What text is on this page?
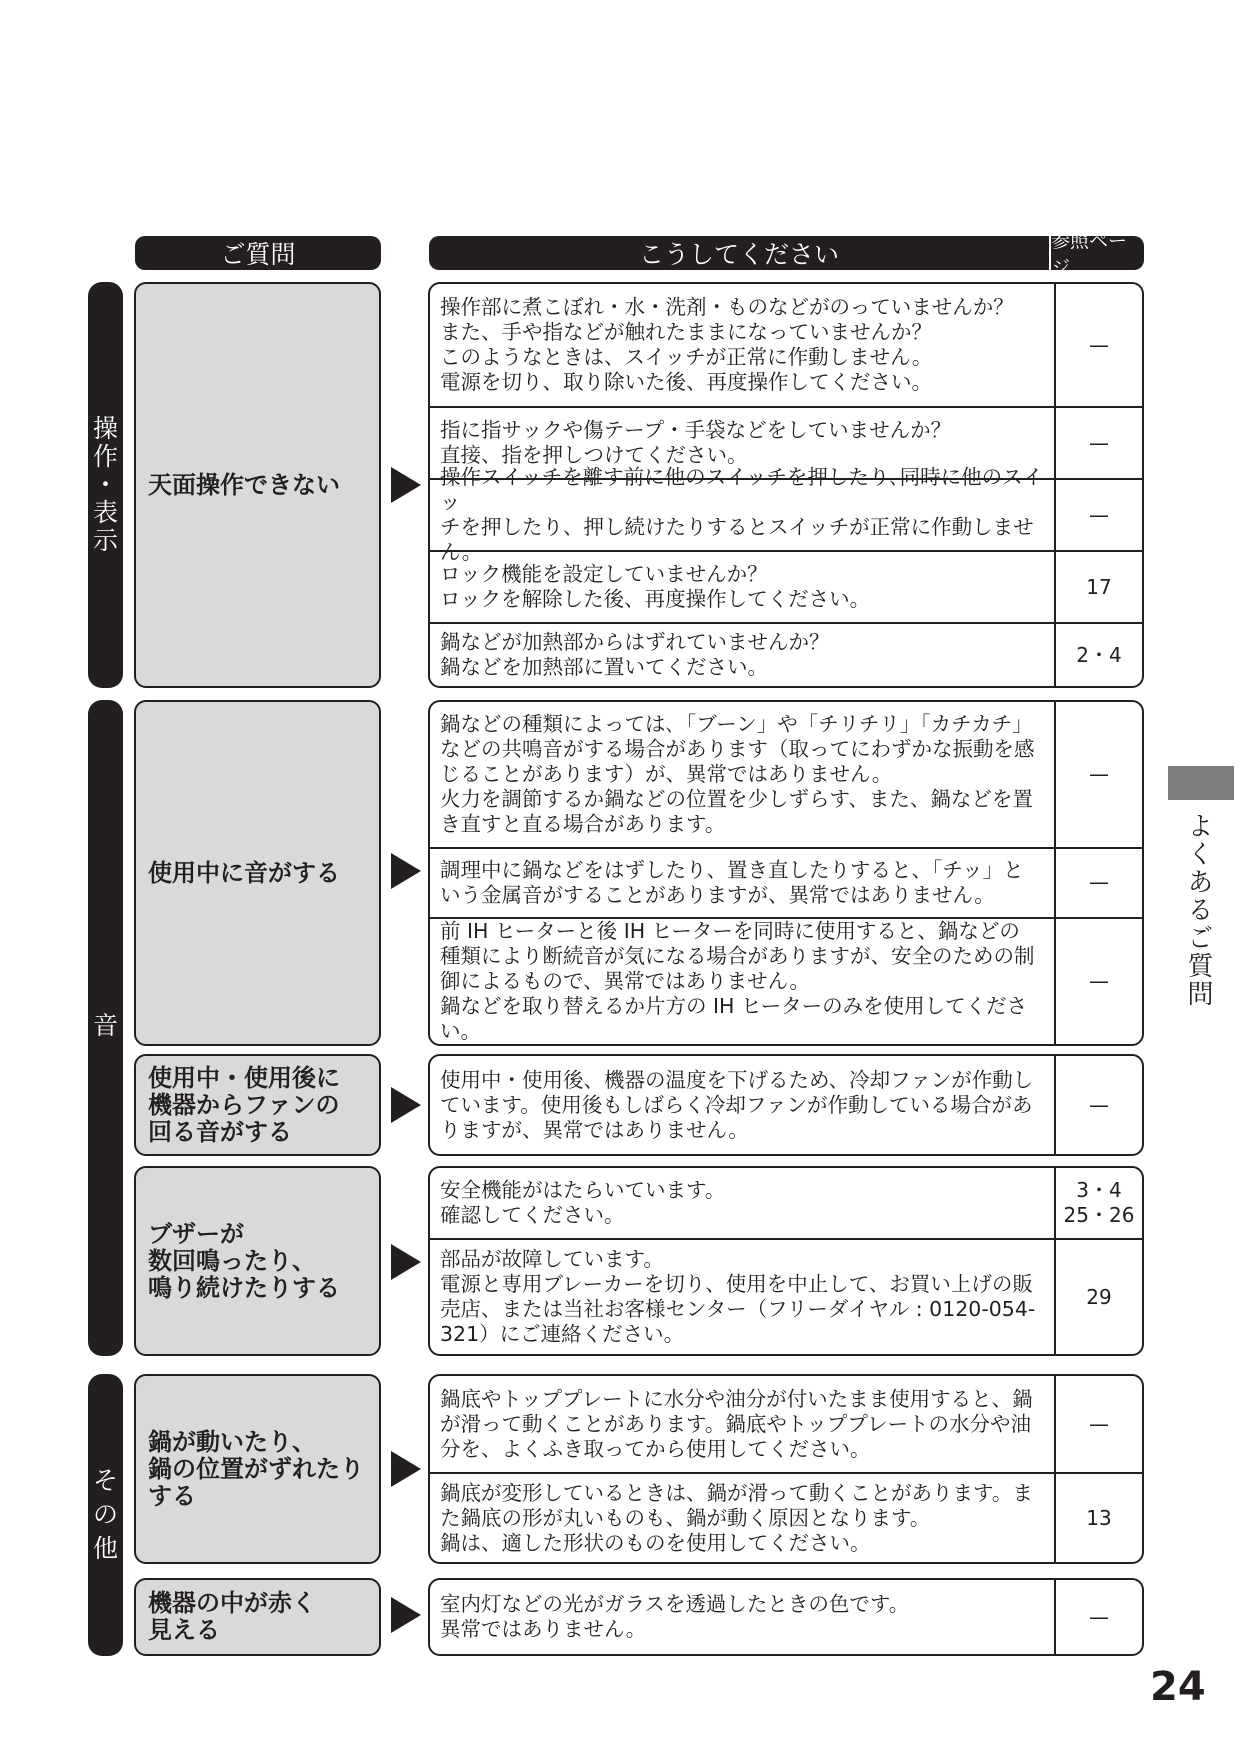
ご質問	こうしてください	参照ページ
操
作
・
表
示
音
そ
の
他
天面操作できない
使用中に音がする
使用中・使用後に
機器からファンの
回る音がする
ブザーが
数回鳴ったり、
鳴り続けたりする
鍋が動いたり、
鍋の位置がずれたり
する
機器の中が赤く
見える
操作部に煮こぼれ・水・洗剤・ものなどがのっていませんか？
また、手や指などが触れたままになっていませんか？
このようなときは、スイッチが正常に作動しません。
電源を切り、取り除いた後、再度操作してください。
—
指に指サックや傷テープ・手袋などをしていませんか？
直接、指を押しつけてください。
—
操作スイッチを離す前に他のスイッチを押したり､同時に他のスイッ
チを押したり、押し続けたりするとスイッチが正常に作動しません。
—
ロック機能を設定していませんか？
ロックを解除した後、再度操作してください。
17
鍋などが加熱部からはずれていませんか？
鍋などを加熱部に置いてください。
2・4
鍋などの種類によっては､「ブーン」や「チリチリ」「カチカチ」
などの共鳴音がする場合があります（取ってにわずかな振動を感
じることがあります）が、異常ではありません。
火力を調節するか鍋などの位置を少しずらす、また、鍋などを置
き直すと直る場合があります。
—
調理中に鍋などをはずしたり、置き直したりすると、「チッ」と
いう金属音がすることがありますが、異常ではありません。
—
前 IH ヒーターと後 IH ヒーターを同時に使用すると、鍋などの
種類により断続音が気になる場合がありますが、安全のための制
御によるもので、異常ではありません。
鍋などを取り替えるか片方の IH ヒーターのみを使用してください。
—
使用中・使用後、機器の温度を下げるため、冷却ファンが作動し
ています。使用後もしばらく冷却ファンが作動している場合があ
りますが、異常ではありません。
—
安全機能がはたらいています。
確認してください。
3・4
25・26
部品が故障しています。
電源と専用ブレーカーを切り、使用を中止して、お買い上げの販
売店、または当社お客様センター（フリーダイヤル : 0120-054-
321）にご連絡ください。
29
鍋底やトッププレートに水分や油分が付いたまま使用すると、鍋
が滑って動くことがあります。鍋底やトッププレートの水分や油
分を、よくふき取ってから使用してください。
—
鍋底が変形しているときは、鍋が滑って動くことがあります。ま
た鍋底の形が丸いものも、鍋が動く原因となります。
鍋は、適した形状のものを使用してください。
13
室内灯などの光がガラスを透過したときの色です。
異常ではありません。
—
よくあるご質問
24
